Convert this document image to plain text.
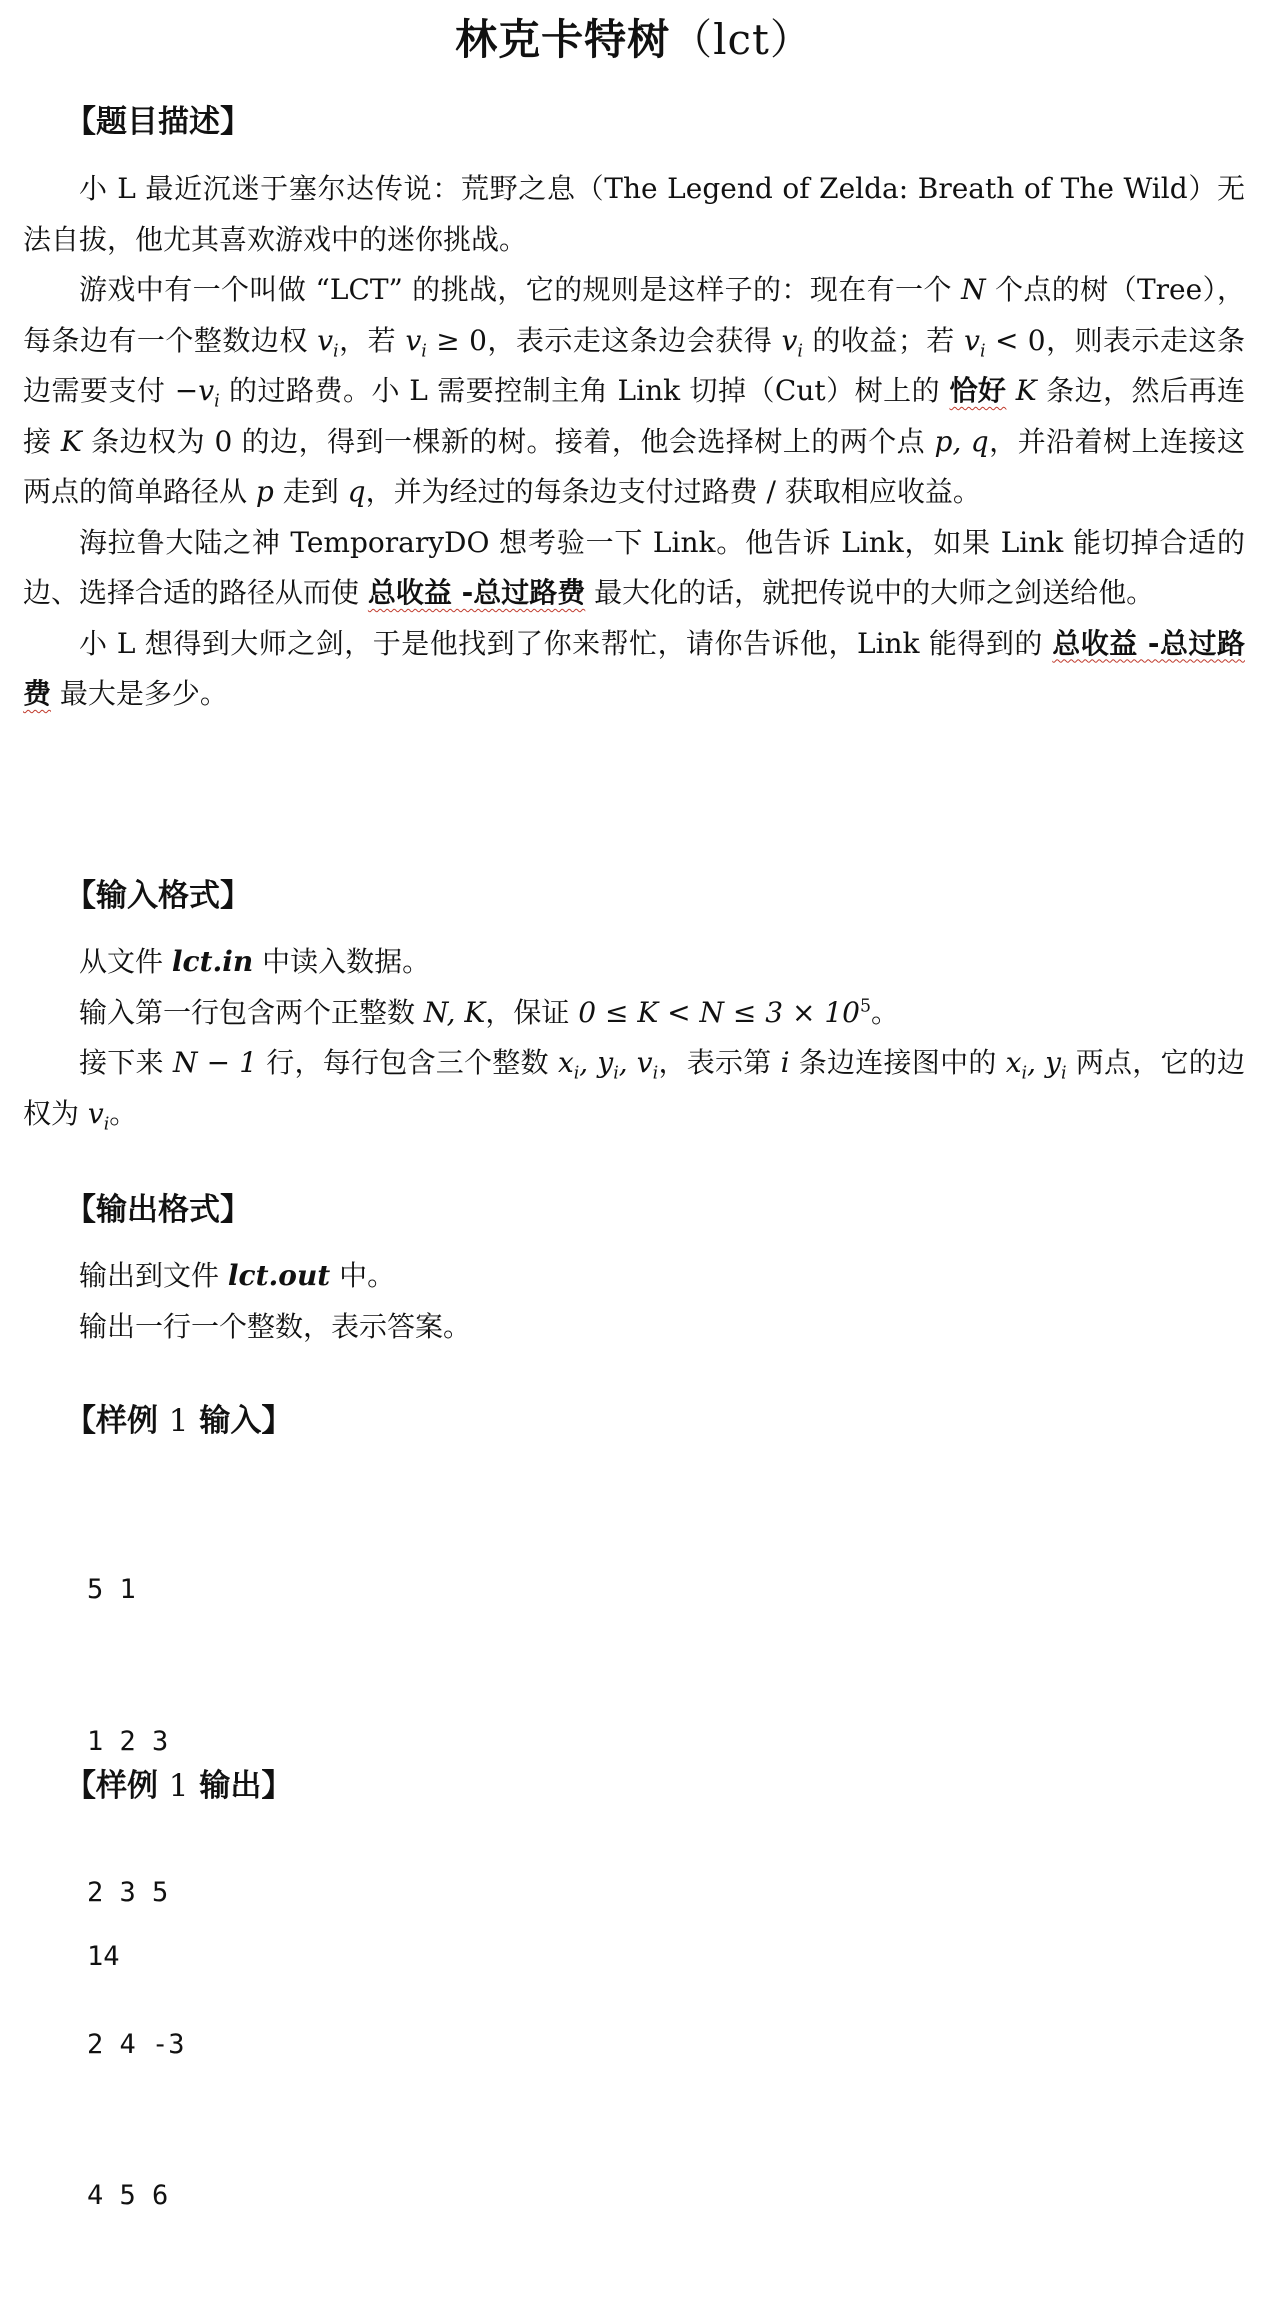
林克卡特树（lct）
【题目描述】

小 L 最近沉迷于塞尔达传说：荒野之息（The Legend of Zelda: Breath of The Wild）无法自拔，他尤其喜欢游戏中的迷你挑战。

游戏中有一个叫做 “LCT” 的挑战，它的规则是这样子的：现在有一个 N 个点的树（Tree），每条边有一个整数边权 $v_i$，若 $v_i \ge 0$，表示走这条边会获得 $v_i$ 的收益；若 $v_i < 0$，则表示走这条边需要支付 $-v_i$ 的过路费。小 L 需要控制主角 Link 切掉（Cut）树上的 恰好 K 条边，然后再连接 K 条边权为 0 的边，得到一棵新的树。接着，他会选择树上的两个点 p, q，并沿着树上连接这两点的简单路径从 p 走到 q，并为经过的每条边支付过路费 / 获取相应收益。

海拉鲁大陆之神 TemporaryDO 想考验一下 Link。他告诉 Link，如果 Link 能切掉合适的边、选择合适的路径从而使 总收益 -总过路费 最大化的话，就把传说中的大师之剑送给他。

小 L 想得到大师之剑，于是他找到了你来帮忙，请你告诉他，Link 能得到的 总收益 -总过路费 最大是多少。

【输入格式】

从文件 lct.in 中读入数据。

输入第一行包含两个正整数 N, K，保证 $0 \le K < N \le 3 \times 10^5$。

接下来 N − 1 行，每行包含三个整数 $x_i$, $y_i$, $v_i$，表示第 i 条边连接图中的 $x_i$, $y_i$ 两点，它的边权为 $v_i$。

【输出格式】

输出到文件 lct.out 中。

输出一行一个整数，表示答案。

【样例 1 输入】

5 1

1 2 3

2 3 5

2 4 -3

4 5 6

【样例 1 输出】

14
